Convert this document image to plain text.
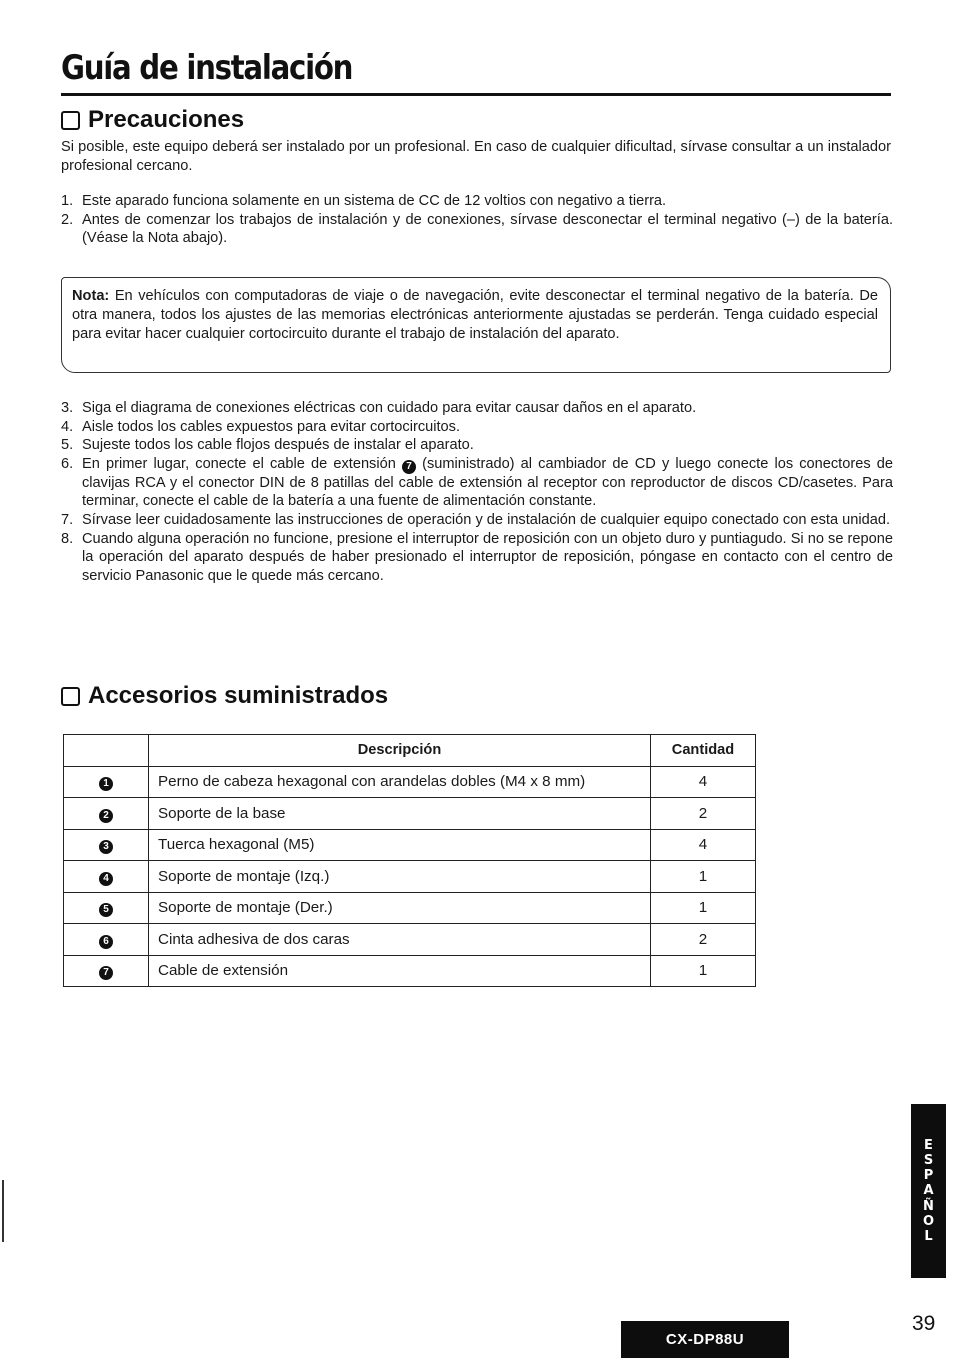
Guía de instalación
Precauciones

Si posible, este equipo deberá ser instalado por un profesional. En caso de cualquier dificultad, sírvase consultar a un instalador profesional cercano.

1. Este aparado funciona solamente en un sistema de CC de 12 voltios con negativo a tierra.
2. Antes de comenzar los trabajos de instalación y de conexiones, sírvase desconectar el terminal negativo (–) de la batería. (Véase la Nota abajo).

Nota: En vehículos con computadoras de viaje o de navegación, evite desconectar el terminal negativo de la batería. De otra manera, todos los ajustes de las memorias electrónicas anteriormente ajustadas se perderán. Tenga cuidado especial para evitar hacer cualquier cortocircuito durante el trabajo de instalación del aparato.

3. Siga el diagrama de conexiones eléctricas con cuidado para evitar causar daños en el aparato.
4. Aisle todos los cables expuestos para evitar cortocircuitos.
5. Sujeste todos los cable flojos después de instalar el aparato.
6. En primer lugar, conecte el cable de extensión 7 (suministrado) al cambiador de CD y luego conecte los conectores de clavijas RCA y el conector DIN de 8 patillas del cable de extensión al receptor con reproductor de discos CD/casetes. Para terminar, conecte el cable de la batería a una fuente de alimentación constante.
7. Sírvase leer cuidadosamente las instrucciones de operación y de instalación de cualquier equipo conectado con esta unidad.
8. Cuando alguna operación no funcione, presione el interruptor de reposición con un objeto duro y puntiagudo. Si no se repone la operación del aparato después de haber presionado el interruptor de reposición, póngase en contacto con el centro de servicio Panasonic que le quede más cercano.
Accesorios suministrados
	Descripción	Cantidad
1	Perno de cabeza hexagonal con arandelas dobles (M4 x 8 mm)	4
2	Soporte de la base	2
3	Tuerca hexagonal (M5)	4
4	Soporte de montaje (Izq.)	1
5	Soporte de montaje (Der.)	1
6	Cinta adhesiva de dos caras	2
7	Cable de extensión	1
ESPAÑOL
39
CX-DP88U
